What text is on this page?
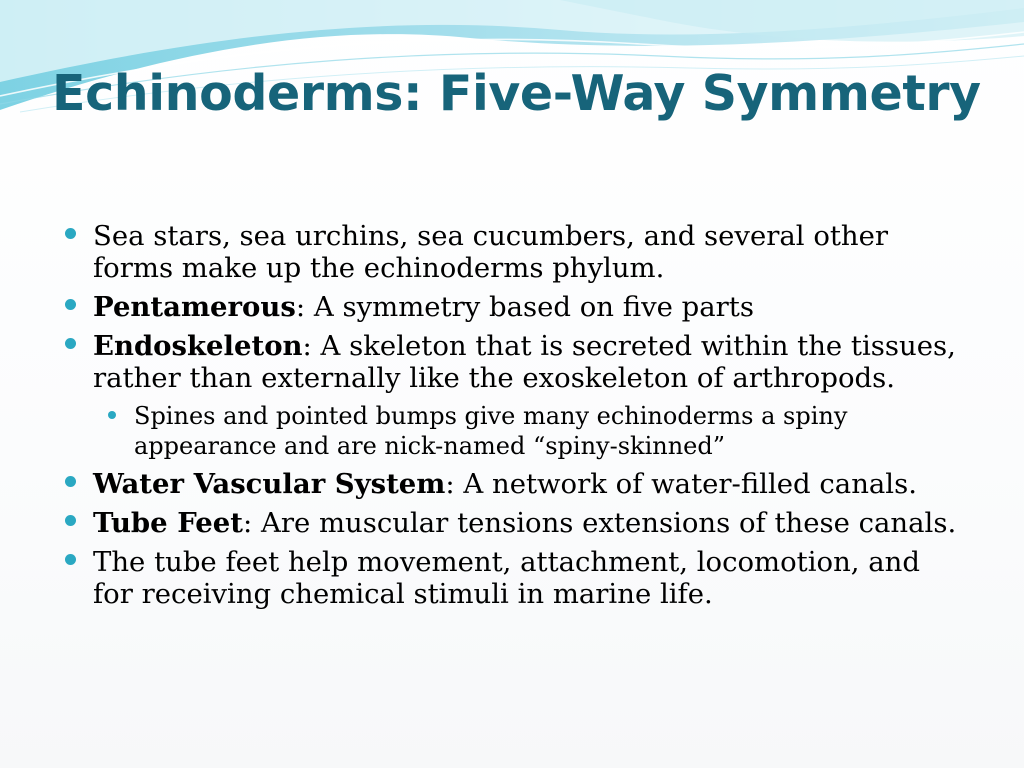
Echinoderms: Five-Way Symmetry
Sea stars, sea urchins, sea cucumbers, and several other forms make up the echinoderms phylum.
Pentamerous: A symmetry based on five parts
Endoskeleton: A skeleton that is secreted within the tissues, rather than externally like the exoskeleton of arthropods.
Spines and pointed bumps give many echinoderms a spiny appearance and are nick-named “spiny-skinned”
Water Vascular System: A network of water-filled canals.
Tube Feet: Are muscular tensions extensions of these canals.
The tube feet help movement, attachment, locomotion, and for receiving chemical stimuli in marine life.
